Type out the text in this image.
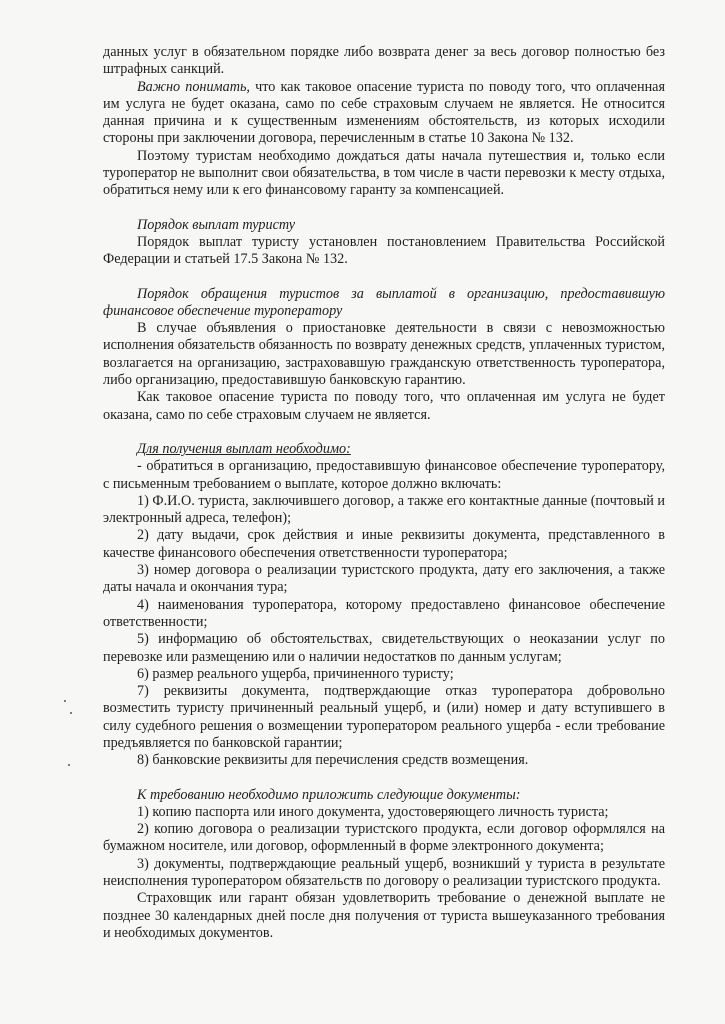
данных услуг в обязательном порядке либо возврата денег за весь договор полностью без штрафных санкций.

Важно понимать, что как таковое опасение туриста по поводу того, что оплаченная им услуга не будет оказана, само по себе страховым случаем не является. Не относится данная причина и к существенным изменениям обстоятельств, из которых исходили стороны при заключении договора, перечисленным в статье 10 Закона № 132.

Поэтому туристам необходимо дождаться даты начала путешествия и, только если туроператор не выполнит свои обязательства, в том числе в части перевозки к месту отдыха, обратиться нему или к его финансовому гаранту за компенсацией.

Порядок выплат туристу

Порядок выплат туристу установлен постановлением Правительства Российской Федерации и статьей 17.5 Закона № 132.

Порядок обращения туристов за выплатой в организацию, предоставившую финансовое обеспечение туроператору

В случае объявления о приостановке деятельности в связи с невозможностью исполнения обязательств обязанность по возврату денежных средств, уплаченных туристом, возлагается на организацию, застраховавшую гражданскую ответственность туроператора, либо организацию, предоставившую банковскую гарантию.

Как таковое опасение туриста по поводу того, что оплаченная им услуга не будет оказана, само по себе страховым случаем не является.

Для получения выплат необходимо:

- обратиться в организацию, предоставившую финансовое обеспечение туроператору, с письменным требованием о выплате, которое должно включать:

1) Ф.И.О. туриста, заключившего договор, а также его контактные данные (почтовый и электронный адреса, телефон);

2) дату выдачи, срок действия и иные реквизиты документа, представленного в качестве финансового обеспечения ответственности туроператора;

3) номер договора о реализации туристского продукта, дату его заключения, а также даты начала и окончания тура;

4) наименования туроператора, которому предоставлено финансовое обеспечение ответственности;

5) информацию об обстоятельствах, свидетельствующих о неоказании услуг по перевозке или размещению или о наличии недостатков по данным услугам;

6) размер реального ущерба, причиненного туристу;

7) реквизиты документа, подтверждающие отказ туроператора добровольно возместить туристу причиненный реальный ущерб, и (или) номер и дату вступившего в силу судебного решения о возмещении туроператором реального ущерба - если требование предъявляется по банковской гарантии;

8) банковские реквизиты для перечисления средств возмещения.

К требованию необходимо приложить следующие документы:

1) копию паспорта или иного документа, удостоверяющего личность туриста;

2) копию договора о реализации туристского продукта, если договор оформлялся на бумажном носителе, или договор, оформленный в форме электронного документа;

3) документы, подтверждающие реальный ущерб, возникший у туриста в результате неисполнения туроператором обязательств по договору о реализации туристского продукта.

Страховщик или гарант обязан удовлетворить требование о денежной выплате не позднее 30 календарных дней после дня получения от туриста вышеуказанного требования и необходимых документов.
